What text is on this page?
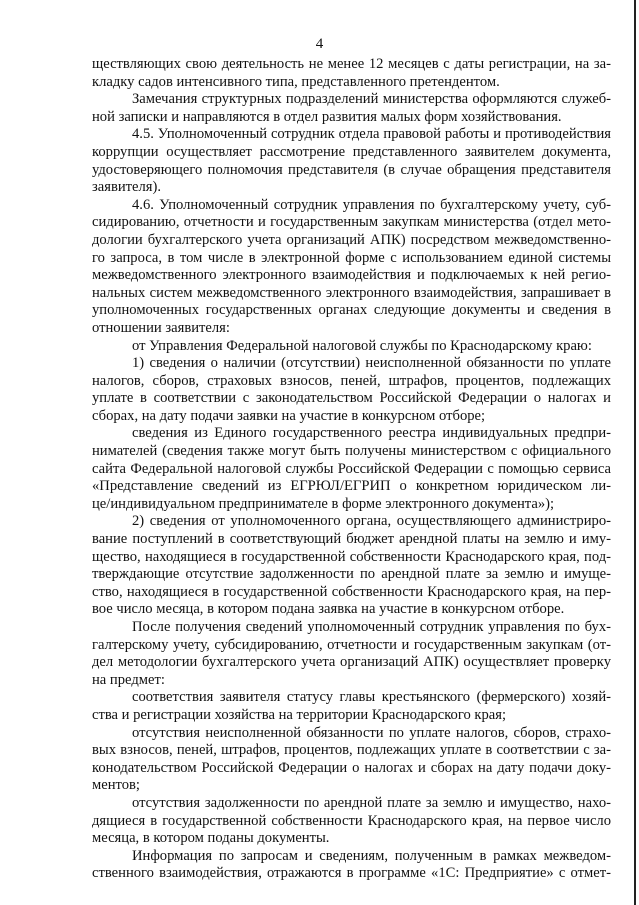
4
ществляющих свою деятельность не менее 12 месяцев с даты регистрации, на за-
кладку садов интенсивного типа, представленного претендентом.
Замечания структурных подразделений министерства оформляются служеб-
ной записки и направляются в отдел развития малых форм хозяйствования.
4.5. Уполномоченный сотрудник отдела правовой работы и противодействия
коррупции осуществляет рассмотрение представленного заявителем документа,
удостоверяющего полномочия представителя (в случае обращения представителя
заявителя).
4.6. Уполномоченный сотрудник управления по бухгалтерскому учету, суб-
сидированию, отчетности и государственным закупкам министерства (отдел мето-
дологии бухгалтерского учета организаций АПК) посредством межведомственно-
го запроса, в том числе в электронной форме с использованием единой системы
межведомственного электронного взаимодействия и подключаемых к ней регио-
нальных систем межведомственного электронного взаимодействия, запрашивает в
уполномоченных государственных органах следующие документы и сведения в
отношении заявителя:
от Управления Федеральной налоговой службы по Краснодарскому краю:
1) сведения о наличии (отсутствии) неисполненной обязанности по уплате
налогов, сборов, страховых взносов, пеней, штрафов, процентов, подлежащих
уплате в соответствии с законодательством Российской Федерации о налогах и
сборах, на дату подачи заявки на участие в конкурсном отборе;
сведения из Единого государственного реестра индивидуальных предпри-
нимателей (сведения также могут быть получены министерством с официального
сайта Федеральной налоговой службы Российской Федерации с помощью сервиса
«Представление сведений из ЕГРЮЛ/ЕГРИП о конкретном юридическом ли-
це/индивидуальном предпринимателе в форме электронного документа»);
2) сведения от уполномоченного органа, осуществляющего администриро-
вание поступлений в соответствующий бюджет арендной платы на землю и иму-
щество, находящиеся в государственной собственности Краснодарского края, под-
тверждающие отсутствие задолженности по арендной плате за землю и имуще-
ство, находящиеся в государственной собственности Краснодарского края, на пер-
вое число месяца, в котором подана заявка на участие в конкурсном отборе.
После получения сведений уполномоченный сотрудник управления по бух-
галтерскому учету, субсидированию, отчетности и государственным закупкам (от-
дел методологии бухгалтерского учета организаций АПК) осуществляет проверку
на предмет:
соответствия заявителя статусу главы крестьянского (фермерского) хозяй-
ства и регистрации хозяйства на территории Краснодарского края;
отсутствия неисполненной обязанности по уплате налогов, сборов, страхо-
вых взносов, пеней, штрафов, процентов, подлежащих уплате в соответствии с за-
конодательством Российской Федерации о налогах и сборах на дату подачи доку-
ментов;
отсутствия задолженности по арендной плате за землю и имущество, нахо-
дящиеся в государственной собственности Краснодарского края, на первое число
месяца, в котором поданы документы.
Информация по запросам и сведениям, полученным в рамках межведом-
ственного взаимодействия, отражаются в программе «1С: Предприятие» с отмет-
